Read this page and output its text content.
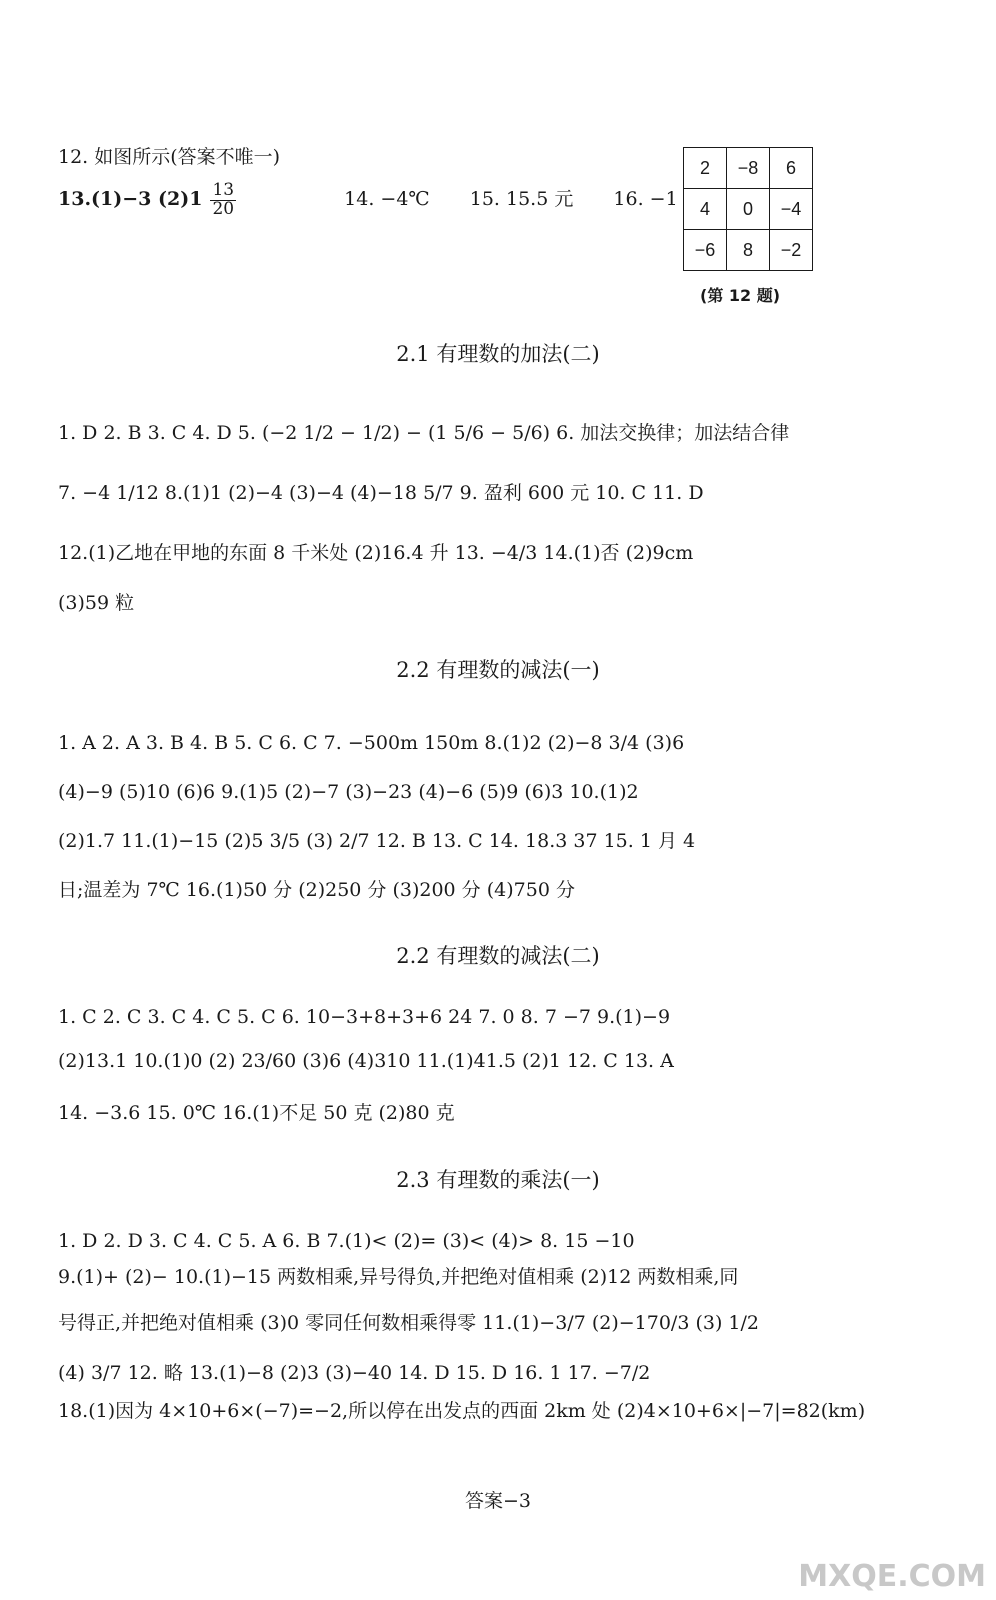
12. 如图所示(答案不唯一)
13.(1)−3 $(2)1 \frac{13}{20}$	14. −4℃ 15. 15.5 元 16. −1
2	−8	6
4	0	−4
−6	8	−2
(第 12 题)
2.1 有理数的加法(二)
1. D 2. B 3. C 4. D 5. (−2 1/2 − 1/2) − (1 5/6 − 5/6) 6. 加法交换律；加法结合律
7. −4 1/12 8.(1)1 (2)−4 (3)−4 (4)−18 5/7 9. 盈利 600 元 10. C 11. D
12.(1)乙地在甲地的东面 8 千米处 (2)16.4 升 13. −4/3 14.(1)否 (2)9cm
(3)59 粒
2.2 有理数的减法(一)
1. A 2. A 3. B 4. B 5. C 6. C 7. −500m 150m 8.(1)2 (2)−8 3/4 (3)6
(4)−9 (5)10 (6)6 9.(1)5 (2)−7 (3)−23 (4)−6 (5)9 (6)3 10.(1)2
(2)1.7 11.(1)−15 (2)5 3/5 (3) 2/7 12. B 13. C 14. 18.3 37 15. 1 月 4
日;温差为 7℃ 16.(1)50 分 (2)250 分 (3)200 分 (4)750 分
2.2 有理数的减法(二)
1. C 2. C 3. C 4. C 5. C 6. 10−3+8+3+6 24 7. 0 8. 7 −7 9.(1)−9
(2)13.1 10.(1)0 (2) 23/60 (3)6 (4)310 11.(1)41.5 (2)1 12. C 13. A
14. −3.6 15. 0℃ 16.(1)不足 50 克 (2)80 克
2.3 有理数的乘法(一)
1. D 2. D 3. C 4. C 5. A 6. B 7.(1)< (2)= (3)< (4)> 8. 15 −10
9.(1)+ (2)− 10.(1)−15 两数相乘,异号得负,并把绝对值相乘 (2)12 两数相乘,同
号得正,并把绝对值相乘 (3)0 零同任何数相乘得零 11.(1)−3/7 (2)−170/3 (3) 1/2
(4) 3/7 12. 略 13.(1)−8 (2)3 (3)−40 14. D 15. D 16. 1 17. −7/2
18.(1)因为 4×10+6×(−7)=−2,所以停在出发点的西面 2km 处 (2)4×10+6×|−7|=82(km)
答案−3
MXQE.COM
